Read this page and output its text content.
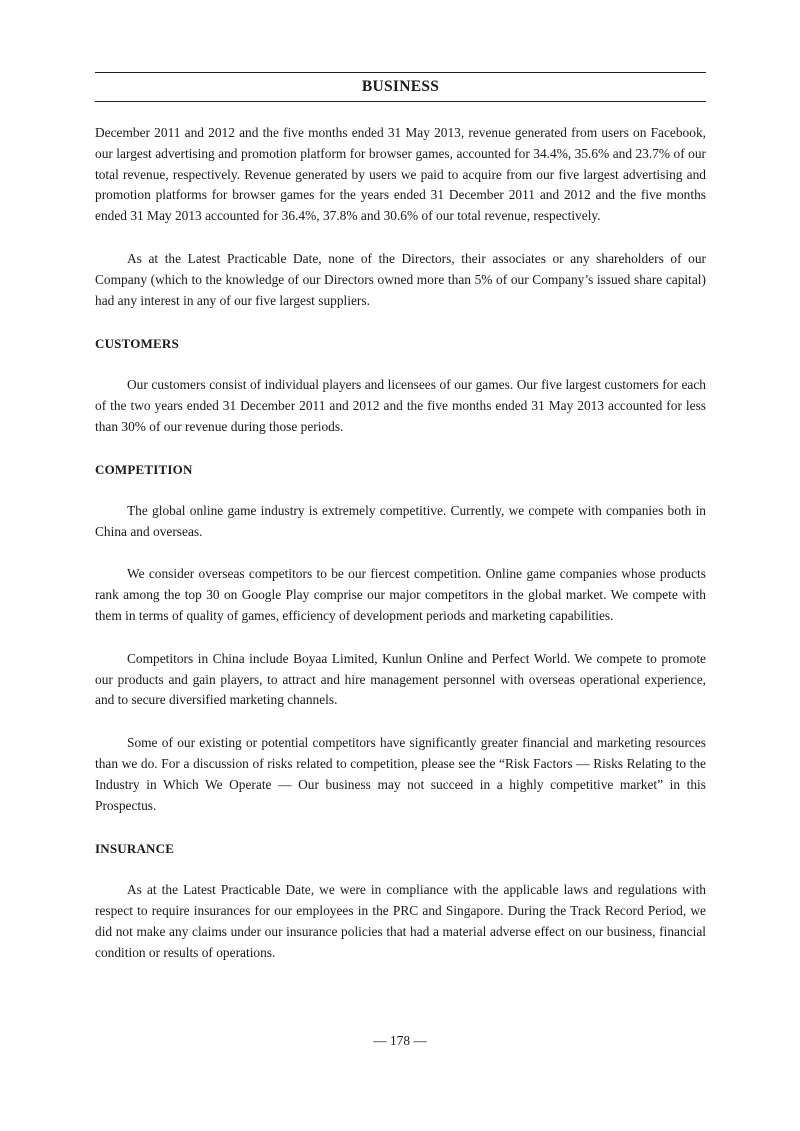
BUSINESS

December 2011 and 2012 and the five months ended 31 May 2013, revenue generated from users on Facebook, our largest advertising and promotion platform for browser games, accounted for 34.4%, 35.6% and 23.7% of our total revenue, respectively. Revenue generated by users we paid to acquire from our five largest advertising and promotion platforms for browser games for the years ended 31 December 2011 and 2012 and the five months ended 31 May 2013 accounted for 36.4%, 37.8% and 30.6% of our total revenue, respectively.

As at the Latest Practicable Date, none of the Directors, their associates or any shareholders of our Company (which to the knowledge of our Directors owned more than 5% of our Company’s issued share capital) had any interest in any of our five largest suppliers.

CUSTOMERS

Our customers consist of individual players and licensees of our games. Our five largest customers for each of the two years ended 31 December 2011 and 2012 and the five months ended 31 May 2013 accounted for less than 30% of our revenue during those periods.

COMPETITION

The global online game industry is extremely competitive. Currently, we compete with companies both in China and overseas.

We consider overseas competitors to be our fiercest competition. Online game companies whose products rank among the top 30 on Google Play comprise our major competitors in the global market. We compete with them in terms of quality of games, efficiency of development periods and marketing capabilities.

Competitors in China include Boyaa Limited, Kunlun Online and Perfect World. We compete to promote our products and gain players, to attract and hire management personnel with overseas operational experience, and to secure diversified marketing channels.

Some of our existing or potential competitors have significantly greater financial and marketing resources than we do. For a discussion of risks related to competition, please see the “Risk Factors — Risks Relating to the Industry in Which We Operate — Our business may not succeed in a highly competitive market” in this Prospectus.

INSURANCE

As at the Latest Practicable Date, we were in compliance with the applicable laws and regulations with respect to require insurances for our employees in the PRC and Singapore. During the Track Record Period, we did not make any claims under our insurance policies that had a material adverse effect on our business, financial condition or results of operations.

— 178 —
